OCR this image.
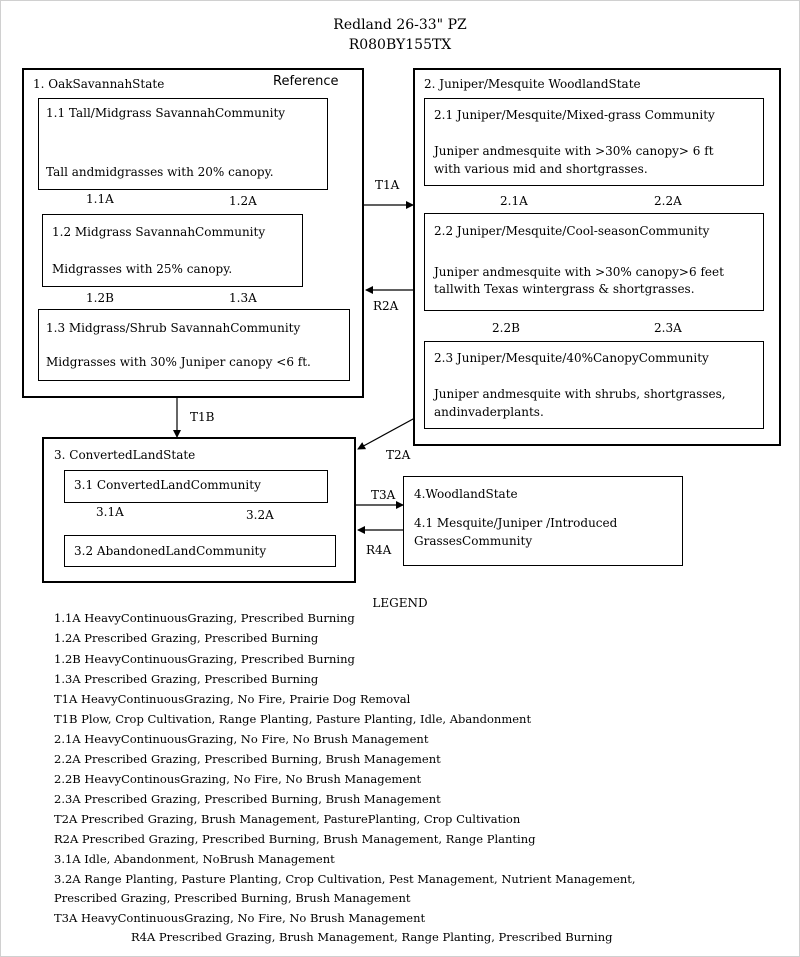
Redland 26-33" PZ
R080BY155TX
1. OakSavannahState	Reference
1.1 Tall/Midgrass SavannahCommunity
Tall andmidgrasses with 20% canopy.
1.2 Midgrass SavannahCommunity
Midgrasses with 25% canopy.
1.3 Midgrass/Shrub SavannahCommunity
Midgrasses with 30% Juniper canopy <6 ft.
1.1A	1.2A
1.2B	1.3A
2. Juniper/Mesquite WoodlandState
2.1 Juniper/Mesquite/Mixed-grass Community
Juniper andmesquite with >30% canopy> 6 ft
with various mid and shortgrasses.
2.2 Juniper/Mesquite/Cool-seasonCommunity
Juniper andmesquite with >30% canopy>6 feet
tallwith Texas wintergrass & shortgrasses.
2.3 Juniper/Mesquite/40%CanopyCommunity
Juniper andmesquite with shrubs, shortgrasses,
andinvaderplants.
2.1A	2.2A
2.2B	2.3A
T1A
R2A
T1B
T2A
3. ConvertedLandState
3.1 ConvertedLandCommunity
3.2 AbandonedLandCommunity
3.1A	3.2A
T3A
R4A
4.WoodlandState
4.1 Mesquite/Juniper /Introduced
GrassesCommunity
LEGEND
1.1A HeavyContinuousGrazing, Prescribed Burning
1.2A Prescribed Grazing, Prescribed Burning
1.2B HeavyContinuousGrazing, Prescribed Burning
1.3A Prescribed Grazing, Prescribed Burning
T1A HeavyContinuousGrazing, No Fire, Prairie Dog Removal
T1B Plow, Crop Cultivation, Range Planting, Pasture Planting, Idle, Abandonment
2.1A HeavyContinuousGrazing, No Fire, No Brush Management
2.2A Prescribed Grazing, Prescribed Burning, Brush Management
2.2B HeavyContinousGrazing, No Fire, No Brush Management
2.3A Prescribed Grazing, Prescribed Burning, Brush Management
T2A Prescribed Grazing, Brush Management, PasturePlanting, Crop Cultivation
R2A Prescribed Grazing, Prescribed Burning, Brush Management, Range Planting
3.1A Idle, Abandonment, NoBrush Management
3.2A Range Planting, Pasture Planting, Crop Cultivation, Pest Management, Nutrient Management,
Prescribed Grazing, Prescribed Burning, Brush Management
T3A HeavyContinuousGrazing, No Fire, No Brush Management
R4A Prescribed Grazing, Brush Management, Range Planting, Prescribed Burning
